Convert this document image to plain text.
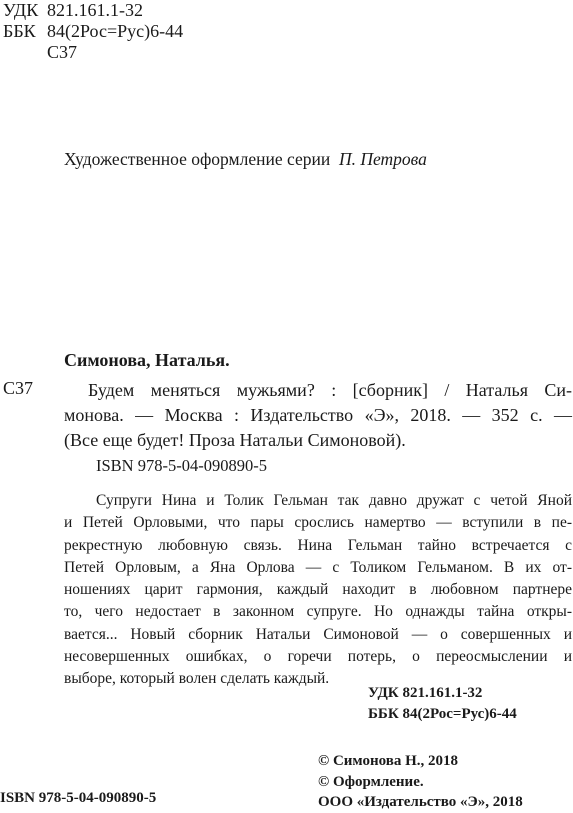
УДК 821.161.1-32
ББК 84(2Рос=Рус)6-44
С37
Художественное оформление серии П. Петрова
Симонова, Наталья.
С37	Будем меняться мужьями? : [сборник] / Наталья Си-
монова. — Москва : Издательство «Э», 2018. — 352 с. —
(Все еще будет! Проза Натальи Симоновой).
ISBN 978-5-04-090890-5
Супруги Нина и Толик Гельман так давно дружат с четой Яной
и Петей Орловыми, что пары срослись намертво — вступили в пе-
рекрестную любовную связь. Нина Гельман тайно встречается с
Петей Орловым, а Яна Орлова — с Толиком Гельманом. В их от-
ношениях царит гармония, каждый находит в любовном партнере
то, чего недостает в законном супруге. Но однажды тайна откры-
вается... Новый сборник Натальи Симоновой — о совершенных и
несовершенных ошибках, о горечи потерь, о переосмыслении и
выборе, который волен сделать каждый.
УДК 821.161.1-32
ББК 84(2Рос=Рус)6-44
© Симонова Н., 2018
© Оформление.
ООО «Издательство «Э», 2018
ISBN 978-5-04-090890-5
